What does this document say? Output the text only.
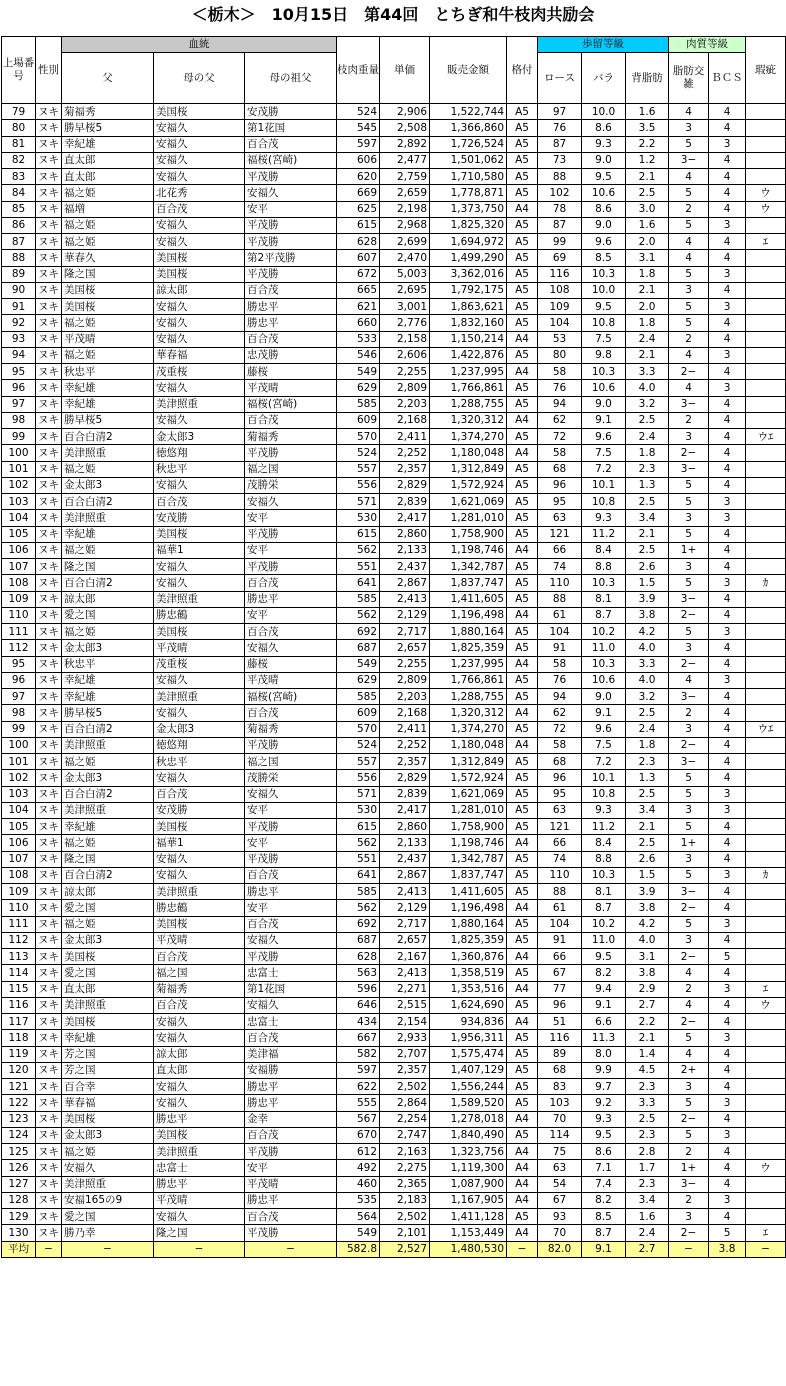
＜栃木＞　10月15日　第44回　とちぎ和牛枝肉共励会
上場番号	性別	血統			枝肉重量	単価	販売金額	格付	歩留等級			肉質等級		瑕疵
		父	母の父	母の祖父					ロース	バラ	背脂肪	脂肪交雑	ＢＣＳ	
79	ヌキ	菊福秀	美国桜	安茂勝	524	2,906	1,522,744	A5	97	10.0	1.6	4	4	
80	ヌキ	勝早桜5	安福久	第1花国	545	2,508	1,366,860	A5	76	8.6	3.5	3	4	
81	ヌキ	幸紀雄	安福久	百合茂	597	2,892	1,726,524	A5	87	9.3	2.2	5	3	
82	ヌキ	直太郎	安福久	福桜(宮崎)	606	2,477	1,501,062	A5	73	9.0	1.2	3−	4	
83	ヌキ	直太郎	安福久	平茂勝	620	2,759	1,710,580	A5	88	9.5	2.1	4	4	
84	ヌキ	福之姫	北花秀	安福久	669	2,659	1,778,871	A5	102	10.6	2.5	5	4	ウ
85	ヌキ	福増	百合茂	安平	625	2,198	1,373,750	A4	78	8.6	3.0	2	4	ウ
86	ヌキ	福之姫	安福久	平茂勝	615	2,968	1,825,320	A5	87	9.0	1.6	5	3	
87	ヌキ	福之姫	安福久	平茂勝	628	2,699	1,694,972	A5	99	9.6	2.0	4	4	ｴ
88	ヌキ	華春久	美国桜	第2平茂勝	607	2,470	1,499,290	A5	69	8.5	3.1	4	4	
89	ヌキ	隆之国	美国桜	平茂勝	672	5,003	3,362,016	A5	116	10.3	1.8	5	3	
90	ヌキ	美国桜	諒太郎	百合茂	665	2,695	1,792,175	A5	108	10.0	2.1	3	4	
91	ヌキ	美国桜	安福久	勝忠平	621	3,001	1,863,621	A5	109	9.5	2.0	5	3	
92	ヌキ	福之姫	安福久	勝忠平	660	2,776	1,832,160	A5	104	10.8	1.8	5	4	
93	ヌキ	平茂晴	安福久	百合茂	533	2,158	1,150,214	A4	53	7.5	2.4	2	4	
94	ヌキ	福之姫	華春福	忠茂勝	546	2,606	1,422,876	A5	80	9.8	2.1	4	3	
95	ヌキ	秋忠平	茂重桜	藤桜	549	2,255	1,237,995	A4	58	10.3	3.3	2−	4	
96	ヌキ	幸紀雄	安福久	平茂晴	629	2,809	1,766,861	A5	76	10.6	4.0	4	3	
97	ヌキ	幸紀雄	美津照重	福桜(宮崎)	585	2,203	1,288,755	A5	94	9.0	3.2	3−	4	
98	ヌキ	勝早桜5	安福久	百合茂	609	2,168	1,320,312	A4	62	9.1	2.5	2	4	
99	ヌキ	百合白清2	金太郎3	菊福秀	570	2,411	1,374,270	A5	72	9.6	2.4	3	4	ウｴ
100	ヌキ	美津照重	徳悠翔	平茂勝	524	2,252	1,180,048	A4	58	7.5	1.8	2−	4	
101	ヌキ	福之姫	秋忠平	福之国	557	2,357	1,312,849	A5	68	7.2	2.3	3−	4	
102	ヌキ	金太郎3	安福久	茂勝栄	556	2,829	1,572,924	A5	96	10.1	1.3	5	4	
103	ヌキ	百合白清2	百合茂	安福久	571	2,839	1,621,069	A5	95	10.8	2.5	5	3	
104	ヌキ	美津照重	安茂勝	安平	530	2,417	1,281,010	A5	63	9.3	3.4	3	3	
105	ヌキ	幸紀雄	美国桜	平茂勝	615	2,860	1,758,900	A5	121	11.2	2.1	5	4	
106	ヌキ	福之姫	福華1	安平	562	2,133	1,198,746	A4	66	8.4	2.5	1+	4	
107	ヌキ	隆之国	安福久	平茂勝	551	2,437	1,342,787	A5	74	8.8	2.6	3	4	
108	ヌキ	百合白清2	安福久	百合茂	641	2,867	1,837,747	A5	110	10.3	1.5	5	3	ｶ
109	ヌキ	諒太郎	美津照重	勝忠平	585	2,413	1,411,605	A5	88	8.1	3.9	3−	4	
110	ヌキ	愛之国	勝忠鶴	安平	562	2,129	1,196,498	A4	61	8.7	3.8	2−	4	
111	ヌキ	福之姫	美国桜	百合茂	692	2,717	1,880,164	A5	104	10.2	4.2	5	3	
112	ヌキ	金太郎3	平茂晴	安福久	687	2,657	1,825,359	A5	91	11.0	4.0	3	4	
95	ヌキ	秋忠平	茂重桜	藤桜	549	2,255	1,237,995	A4	58	10.3	3.3	2−	4	
96	ヌキ	幸紀雄	安福久	平茂晴	629	2,809	1,766,861	A5	76	10.6	4.0	4	3	
97	ヌキ	幸紀雄	美津照重	福桜(宮崎)	585	2,203	1,288,755	A5	94	9.0	3.2	3−	4	
98	ヌキ	勝早桜5	安福久	百合茂	609	2,168	1,320,312	A4	62	9.1	2.5	2	4	
99	ヌキ	百合白清2	金太郎3	菊福秀	570	2,411	1,374,270	A5	72	9.6	2.4	3	4	ウｴ
100	ヌキ	美津照重	徳悠翔	平茂勝	524	2,252	1,180,048	A4	58	7.5	1.8	2−	4	
101	ヌキ	福之姫	秋忠平	福之国	557	2,357	1,312,849	A5	68	7.2	2.3	3−	4	
102	ヌキ	金太郎3	安福久	茂勝栄	556	2,829	1,572,924	A5	96	10.1	1.3	5	4	
103	ヌキ	百合白清2	百合茂	安福久	571	2,839	1,621,069	A5	95	10.8	2.5	5	3	
104	ヌキ	美津照重	安茂勝	安平	530	2,417	1,281,010	A5	63	9.3	3.4	3	3	
105	ヌキ	幸紀雄	美国桜	平茂勝	615	2,860	1,758,900	A5	121	11.2	2.1	5	4	
106	ヌキ	福之姫	福華1	安平	562	2,133	1,198,746	A4	66	8.4	2.5	1+	4	
107	ヌキ	隆之国	安福久	平茂勝	551	2,437	1,342,787	A5	74	8.8	2.6	3	4	
108	ヌキ	百合白清2	安福久	百合茂	641	2,867	1,837,747	A5	110	10.3	1.5	5	3	ｶ
109	ヌキ	諒太郎	美津照重	勝忠平	585	2,413	1,411,605	A5	88	8.1	3.9	3−	4	
110	ヌキ	愛之国	勝忠鶴	安平	562	2,129	1,196,498	A4	61	8.7	3.8	2−	4	
111	ヌキ	福之姫	美国桜	百合茂	692	2,717	1,880,164	A5	104	10.2	4.2	5	3	
112	ヌキ	金太郎3	平茂晴	安福久	687	2,657	1,825,359	A5	91	11.0	4.0	3	4	
113	ヌキ	美国桜	百合茂	平茂勝	628	2,167	1,360,876	A4	66	9.5	3.1	2−	5	
114	ヌキ	愛之国	福之国	忠富士	563	2,413	1,358,519	A5	67	8.2	3.8	4	4	
115	ヌキ	直太郎	菊福秀	第1花国	596	2,271	1,353,516	A4	77	9.4	2.9	2	3	ｴ
116	ヌキ	美津照重	百合茂	安福久	646	2,515	1,624,690	A5	96	9.1	2.7	4	4	ウ
117	ヌキ	美国桜	安福久	忠富士	434	2,154	934,836	A4	51	6.6	2.2	2−	4	
118	ヌキ	幸紀雄	安福久	百合茂	667	2,933	1,956,311	A5	116	11.3	2.1	5	3	
119	ヌキ	芳之国	諒太郎	美津福	582	2,707	1,575,474	A5	89	8.0	1.4	4	4	
120	ヌキ	芳之国	直太郎	安福勝	597	2,357	1,407,129	A5	68	9.9	4.5	2+	4	
121	ヌキ	百合幸	安福久	勝忠平	622	2,502	1,556,244	A5	83	9.7	2.3	3	4	
122	ヌキ	華春福	安福久	勝忠平	555	2,864	1,589,520	A5	103	9.2	3.3	5	3	
123	ヌキ	美国桜	勝忠平	金幸	567	2,254	1,278,018	A4	70	9.3	2.5	2−	4	
124	ヌキ	金太郎3	美国桜	百合茂	670	2,747	1,840,490	A5	114	9.5	2.3	5	3	
125	ヌキ	福之姫	美津照重	平茂勝	612	2,163	1,323,756	A4	75	8.6	2.8	2	4	
126	ヌキ	安福久	忠富士	安平	492	2,275	1,119,300	A4	63	7.1	1.7	1+	4	ウ
127	ヌキ	美津照重	勝忠平	平茂晴	460	2,365	1,087,900	A4	54	7.4	2.3	3−	4	
128	ヌキ	安福165の9	平茂晴	勝忠平	535	2,183	1,167,905	A4	67	8.2	3.4	2	3	
129	ヌキ	愛之国	安福久	百合茂	564	2,502	1,411,128	A5	93	8.5	1.6	3	4	
130	ヌキ	勝乃幸	隆之国	平茂勝	549	2,101	1,153,449	A4	70	8.7	2.4	2−	5	ｴ
平均	−	−	−	−	582.8	2,527	1,480,530	−	82.0	9.1	2.7	−	3.8	−
